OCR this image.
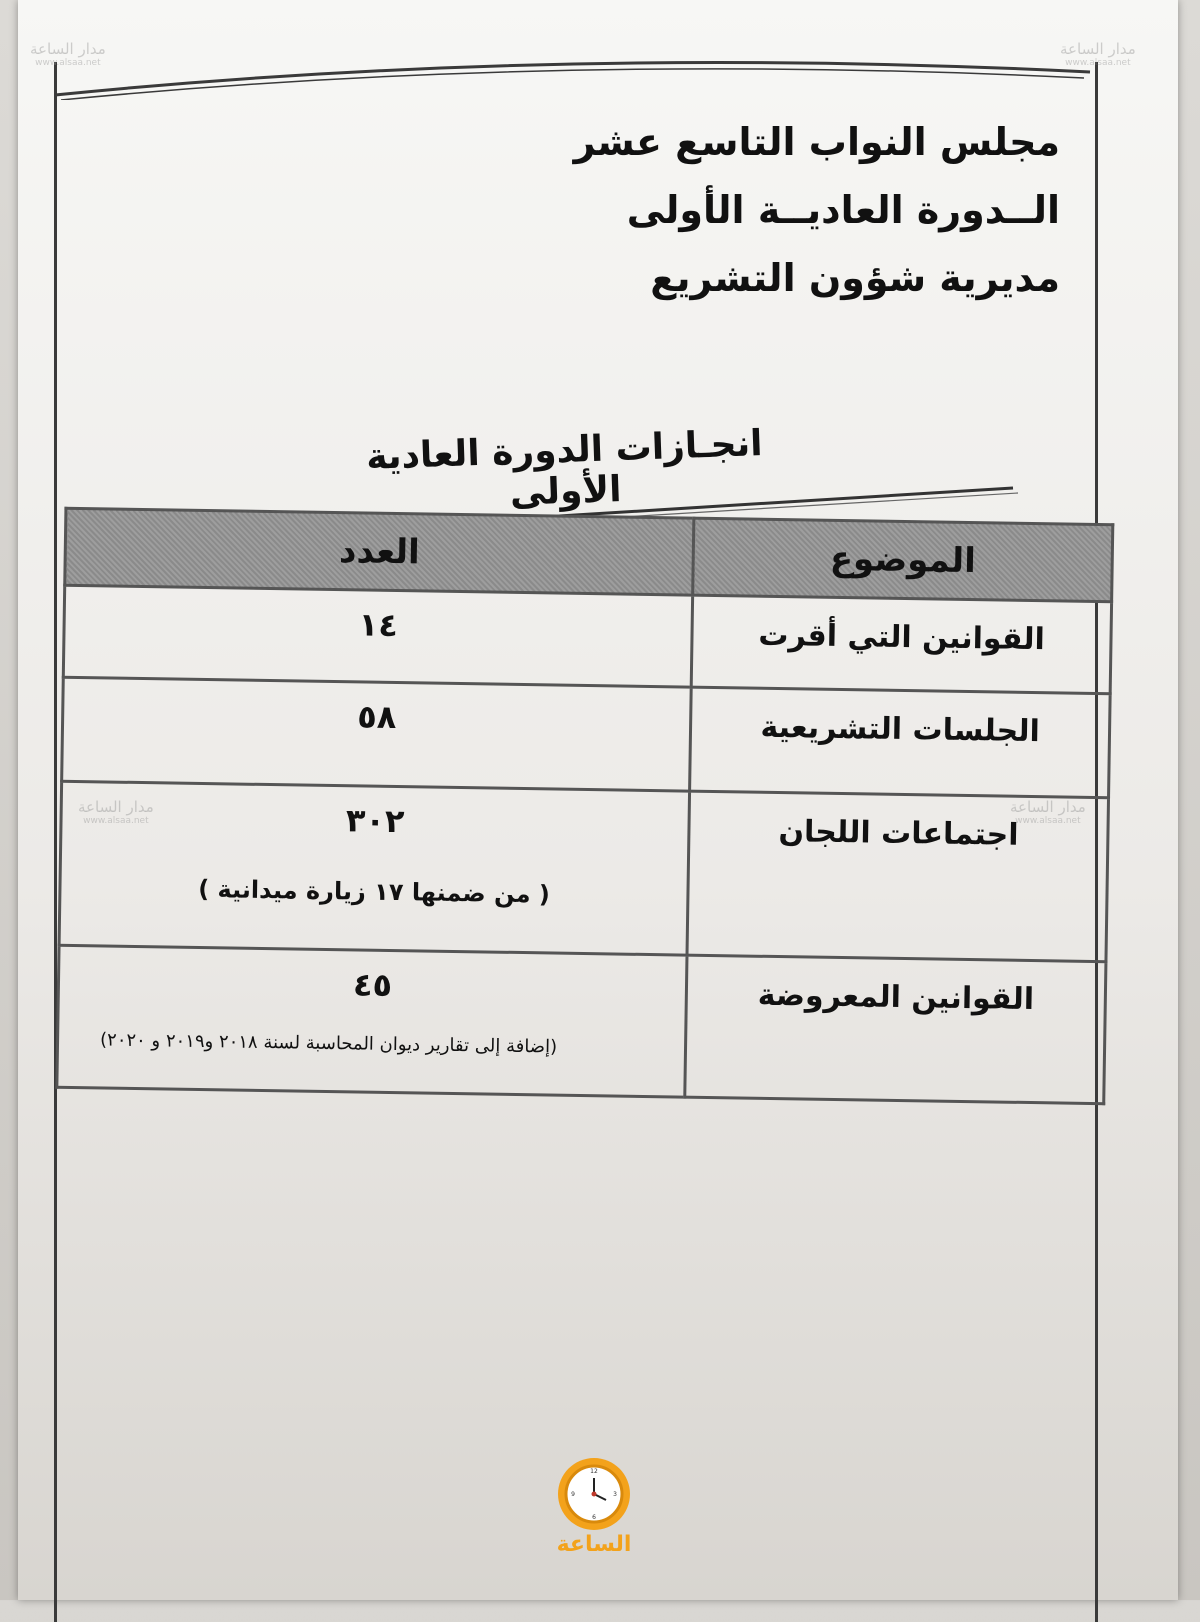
مجلس النواب التاسع عشر
الــدورة العاديــة الأولى
مديرية شؤون التشريع
انجـازات الدورة العادية الأولى
الموضوع	العدد
القوانين التي أقرت	١٤
الجلسات التشريعية	٥٨
اجتماعات اللجان	٣٠٢
( من ضمنها ١٧ زيارة ميدانية )

القوانين المعروضة	٤٥
(إضافة إلى تقارير ديوان المحاسبة لسنة ٢٠١٨ و٢٠١٩ و ٢٠٢٠)
مدار الساعة
www.alsaa.net
مدار الساعة
www.alsaa.net
مدار الساعة
www.alsaa.net
مدار الساعة
www.alsaa.net
12
3
6
9
الساعة
